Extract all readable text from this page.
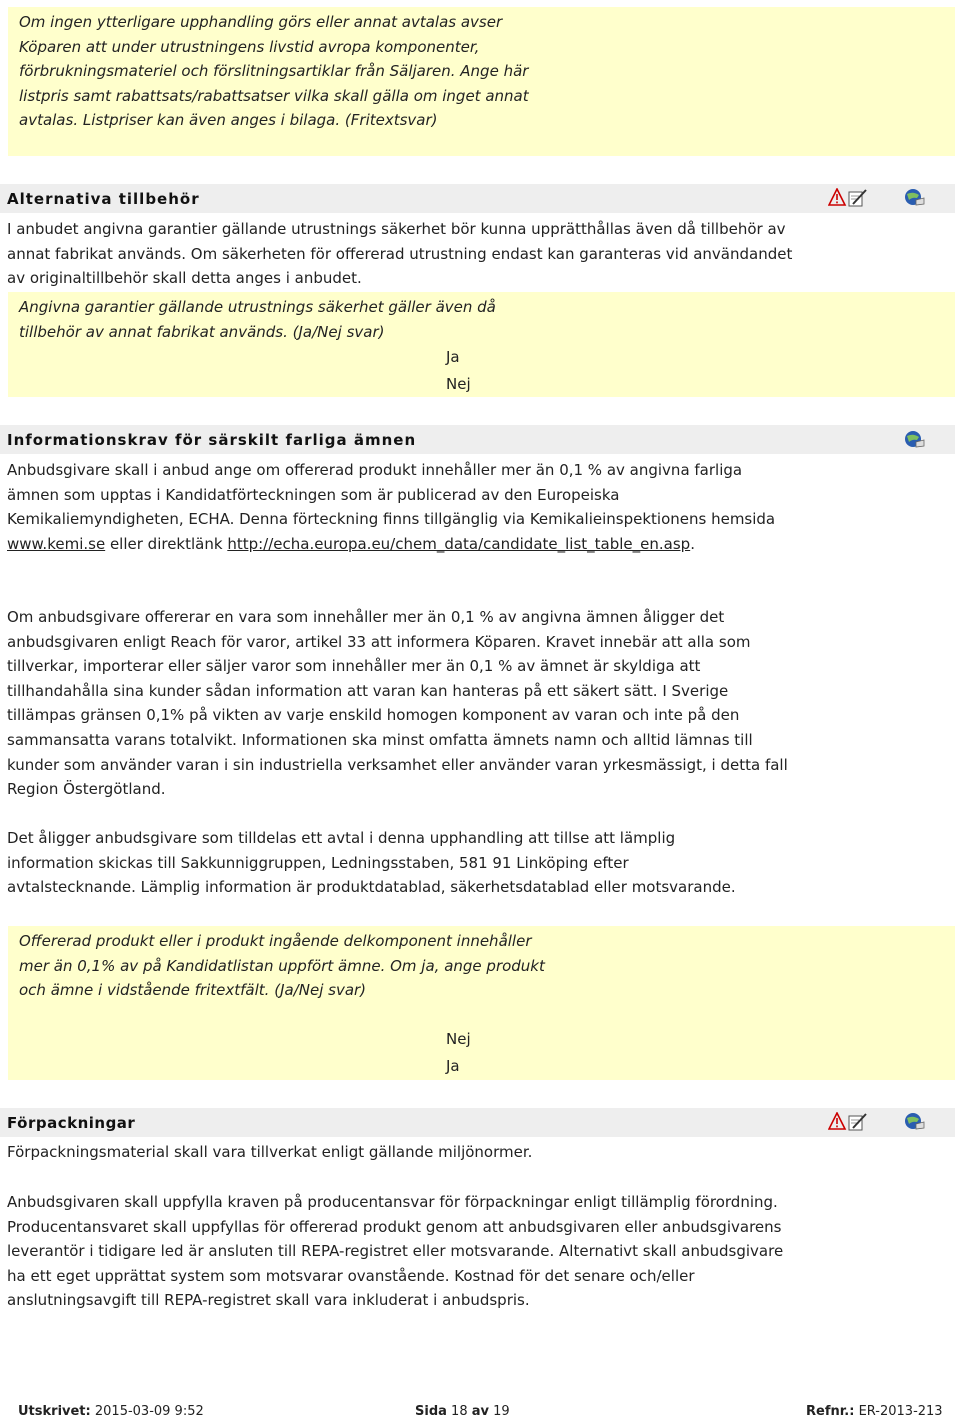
Om ingen ytterligare upphandling görs eller annat avtalas avser Köparen att under utrustningens livstid avropa komponenter, förbrukningsmateriel och förslitningsartiklar från Säljaren. Ange här listpris samt rabattsats/rabattsatser vilka skall gälla om inget annat avtalas. Listpriser kan även anges i bilaga. (Fritextsvar)
Alternativa tillbehör
I anbudet angivna garantier gällande utrustnings säkerhet bör kunna upprätthållas även då tillbehör av annat fabrikat används. Om säkerheten för offererad utrustning endast kan garanteras vid användandet av originaltillbehör skall detta anges i anbudet.
Angivna garantier gällande utrustnings säkerhet gäller även då tillbehör av annat fabrikat används. (Ja/Nej svar)
Ja
Nej
Informationskrav för särskilt farliga ämnen
Anbudsgivare skall i anbud ange om offererad produkt innehåller mer än 0,1 % av angivna farliga ämnen som upptas i Kandidatförteckningen som är publicerad av den Europeiska Kemikaliemyndigheten, ECHA. Denna förteckning finns tillgänglig via Kemikalieinspektionens hemsida www.kemi.se eller direktlänk http://echa.europa.eu/chem_data/candidate_list_table_en.asp.
Om anbudsgivare offererar en vara som innehåller mer än 0,1 % av angivna ämnen åligger det anbudsgivaren enligt Reach för varor, artikel 33 att informera Köparen. Kravet innebär att alla som tillverkar, importerar eller säljer varor som innehåller mer än 0,1 % av ämnet är skyldiga att tillhandahålla sina kunder sådan information att varan kan hanteras på ett säkert sätt. I Sverige tillämpas gränsen 0,1% på vikten av varje enskild homogen komponent av varan och inte på den sammansatta varans totalvikt. Informationen ska minst omfatta ämnets namn och alltid lämnas till kunder som använder varan i sin industriella verksamhet eller använder varan yrkesmässigt, i detta fall Region Östergötland.
Det åligger anbudsgivare som tilldelas ett avtal i denna upphandling att tillse att lämplig information skickas till Sakkunniggruppen, Ledningsstaben, 581 91 Linköping efter avtalstecknande. Lämplig information är produktdatablad, säkerhetsdatablad eller motsvarande.
Offererad produkt eller i produkt ingående delkomponent innehåller mer än 0,1% av på Kandidatlistan uppfört ämne. Om ja, ange produkt och ämne i vidstående fritextfält. (Ja/Nej svar)
Nej
Ja
Förpackningar
Förpackningsmaterial skall vara tillverkat enligt gällande miljönormer.
Anbudsgivaren skall uppfylla kraven på producentansvar för förpackningar enligt tillämplig förordning. Producentansvaret skall uppfyllas för offererad produkt genom att anbudsgivaren eller anbudsgivarens leverantör i tidigare led är ansluten till REPA-registret eller motsvarande. Alternativt skall anbudsgivare ha ett eget upprättat system som motsvarar ovanstående. Kostnad för det senare och/eller anslutningsavgift till REPA-registret skall vara inkluderat i anbudspris.
Utskrivet: 2015-03-09 9:52	Sida 18 av 19	Refnr.: ER-2013-213
